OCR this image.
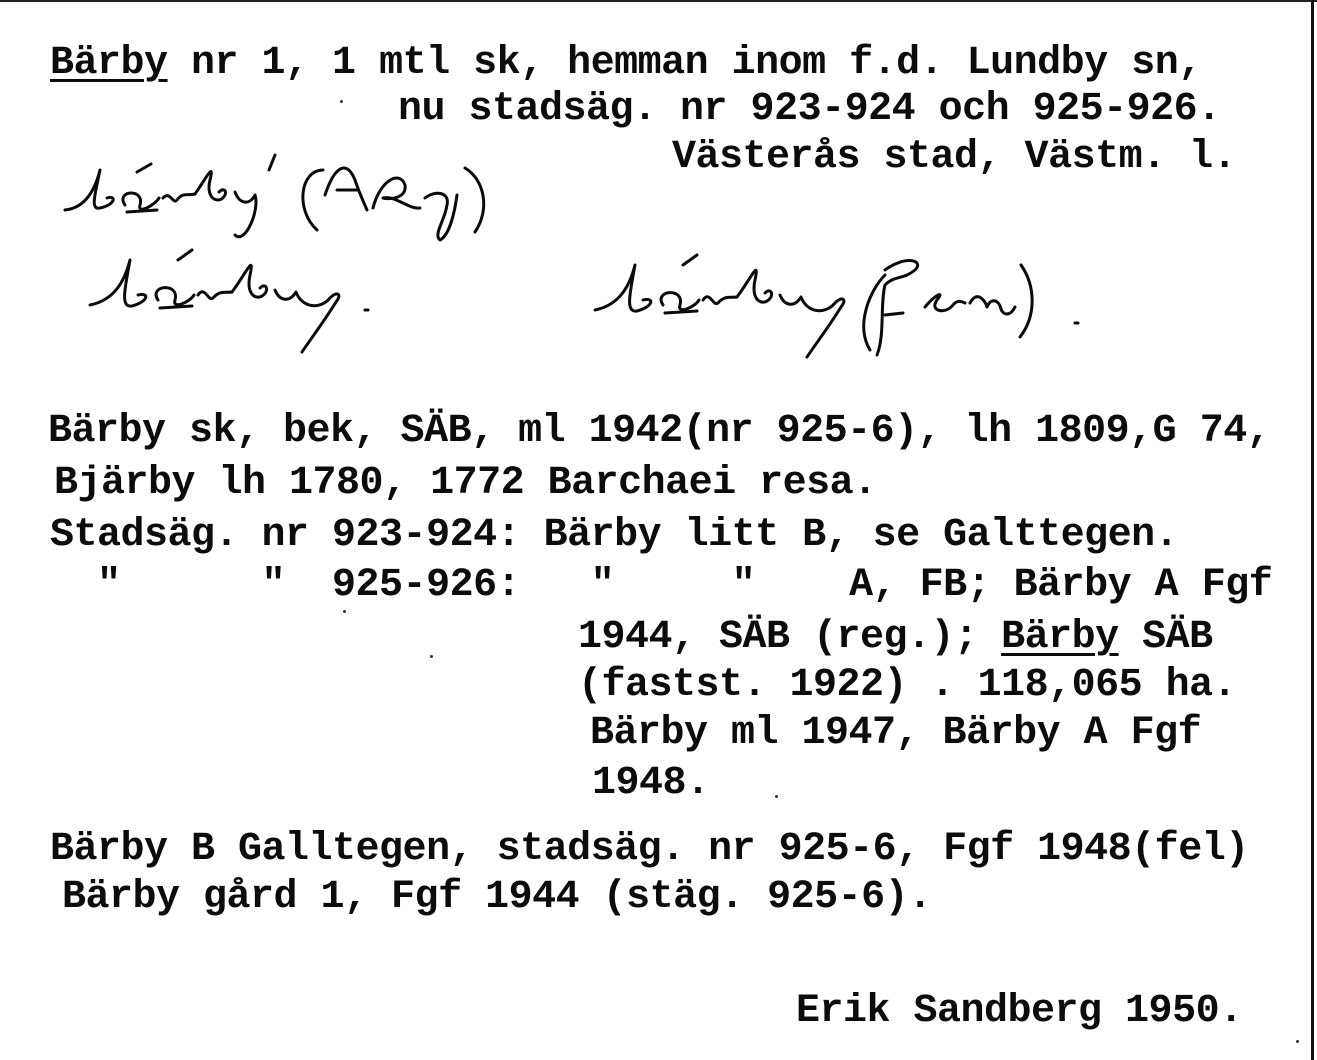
Bärby nr 1, 1 mtl sk, hemman inom f.d. Lundby sn,
nu stadsäg. nr 923-924 och 925-926.
Västerås stad, Västm. l.
Bärby sk, bek, SÄB, ml 1942(nr 925-6), lh 1809,G 74,
Bjärby lh 1780, 1772 Barchaei resa.
Stadsäg. nr 923-924: Bärby litt B, se Galttegen.
"      "  925-926:   "     "    A, FB; Bärby A Fgf
1944, SÄB (reg.); Bärby SÄB
(fastst. 1922) . 118,065 ha.
Bärby ml 1947, Bärby A Fgf
1948.
Bärby B Galltegen, stadsäg. nr 925-6, Fgf 1948(fel)
Bärby gård 1, Fgf 1944 (stäg. 925-6).
Erik Sandberg 1950.
